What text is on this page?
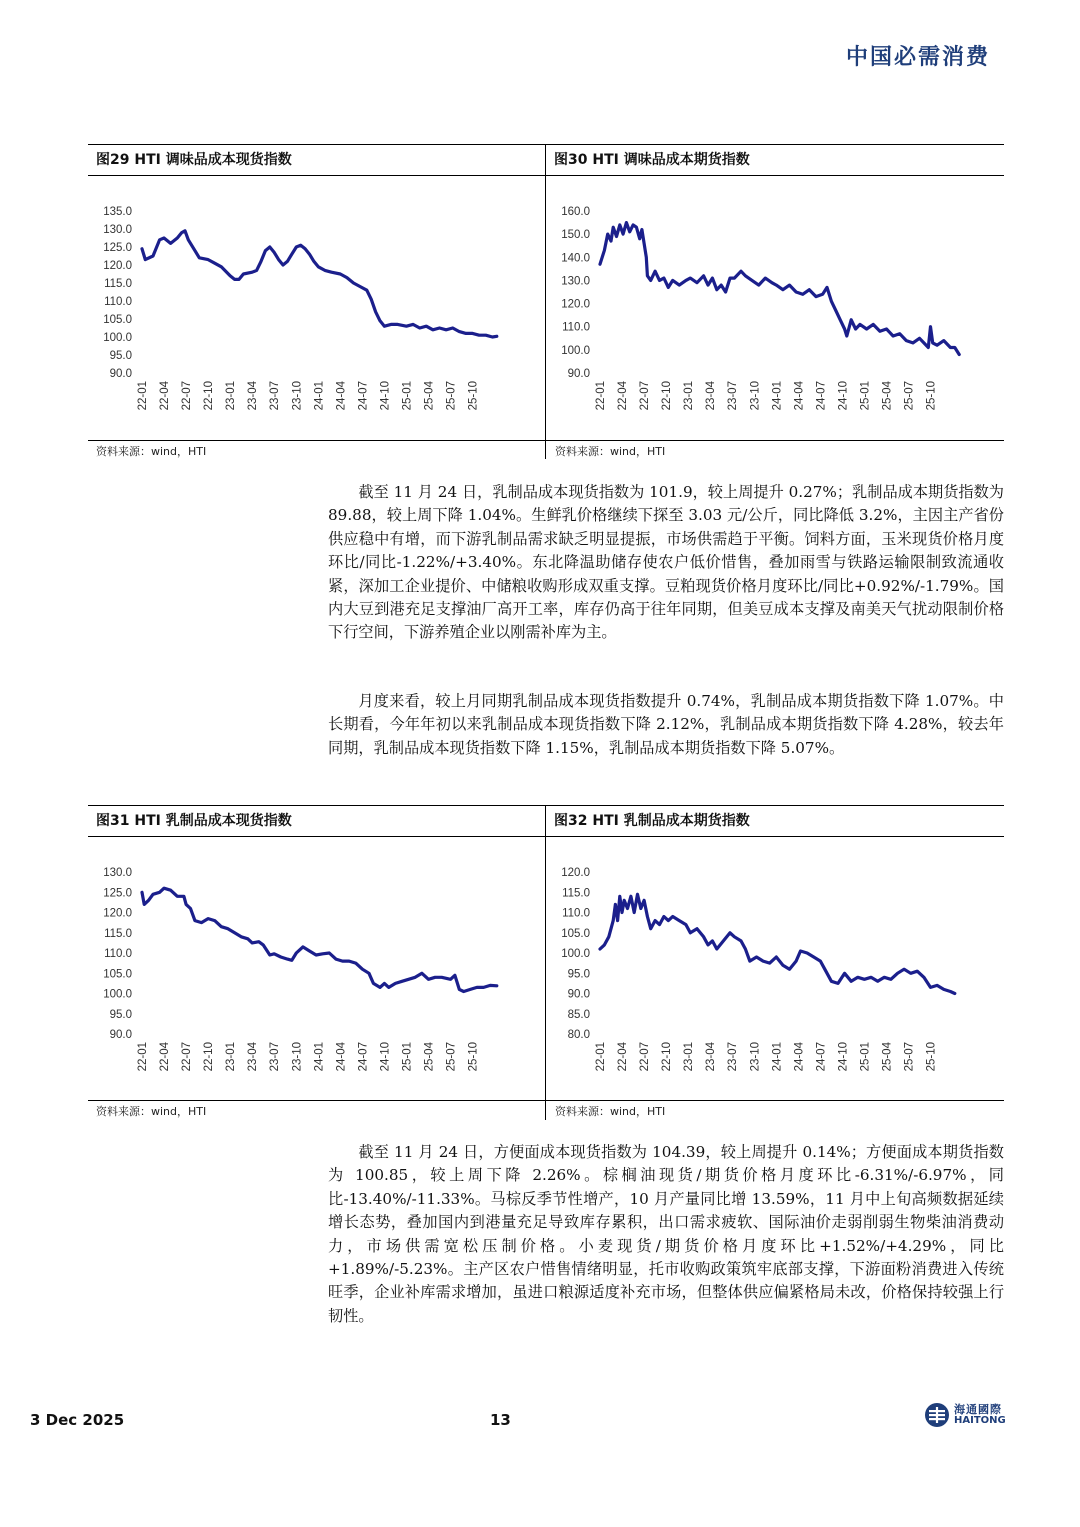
中国必需消费
图29 HTI 调味品成本现货指数
135.0
130.0
125.0
120.0
115.0
110.0
105.0
100.0
95.0
90.0
22-01 22-04 22-07 22-10 23-01 23-04 23-07 23-10 24-01 24-04 24-07 24-10 25-01 25-04 25-07 25-10
图30 HTI 调味品成本期货指数
160.0
150.0
140.0
130.0
120.0
110.0
100.0
90.0
22-01 22-04 22-07 22-10 23-01 23-04 23-07 23-10 24-01 24-04 24-07 24-10 25-01 25-04 25-07 25-10
资料来源：wind，HTI	资料来源：wind，HTI

截至 11 月 24 日，乳制品成本现货指数为 101.9，较上周提升 0.27%；乳制品成本期货指数为 89.88，较上周下降 1.04%。生鲜乳价格继续下探至 3.03 元/公斤，同比降低 3.2%，主因主产省份供应稳中有增，而下游乳制品需求缺乏明显提振，市场供需趋于平衡。饲料方面，玉米现货价格月度环比/同比-1.22%/+3.40%。东北降温助储存使农户低价惜售，叠加雨雪与铁路运输限制致流通收紧，深加工企业提价、中储粮收购形成双重支撑。豆粕现货价格月度环比/同比+0.92%/-1.79%。国内大豆到港充足支撑油厂高开工率，库存仍高于往年同期，但美豆成本支撑及南美天气扰动限制价格下行空间，下游养殖企业以刚需补库为主。

月度来看，较上月同期乳制品成本现货指数提升 0.74%，乳制品成本期货指数下降 1.07%。中长期看，今年年初以来乳制品成本现货指数下降 2.12%，乳制品成本期货指数下降 4.28%，较去年同期，乳制品成本现货指数下降 1.15%，乳制品成本期货指数下降 5.07%。

图31 HTI 乳制品成本现货指数
130.0
125.0
120.0
115.0
110.0
105.0
100.0
95.0
90.0
22-01 22-04 22-07 22-10 23-01 23-04 23-07 23-10 24-01 24-04 24-07 24-10 25-01 25-04 25-07 25-10
图32 HTI 乳制品成本期货指数
120.0
115.0
110.0
105.0
100.0
95.0
90.0
85.0
80.0
22-01 22-04 22-07 22-10 23-01 23-04 23-07 23-10 24-01 24-04 24-07 24-10 25-01 25-04 25-07 25-10
资料来源：wind，HTI	资料来源：wind，HTI

截至 11 月 24 日，方便面成本现货指数为 104.39，较上周提升 0.14%；方便面成本期货指数为 100.85，较上周下降 2.26%。棕榈油现货/期货价格月度环比-6.31%/-6.97%，同比-13.40%/-11.33%。马棕反季节性增产，10 月产量同比增 13.59%，11 月中上旬高频数据延续增长态势，叠加国内到港量充足导致库存累积，出口需求疲软、国际油价走弱削弱生物柴油消费动力，市场供需宽松压制价格。小麦现货/期货价格月度环比+1.52%/+4.29%，同比+1.89%/-5.23%。主产区农户惜售情绪明显，托市收购政策筑牢底部支撑，下游面粉消费进入传统旺季，企业补库需求增加，虽进口粮源适度补充市场，但整体供应偏紧格局未改，价格保持较强上行韧性。

3 Dec 2025	13
海通國際
HAITONG
